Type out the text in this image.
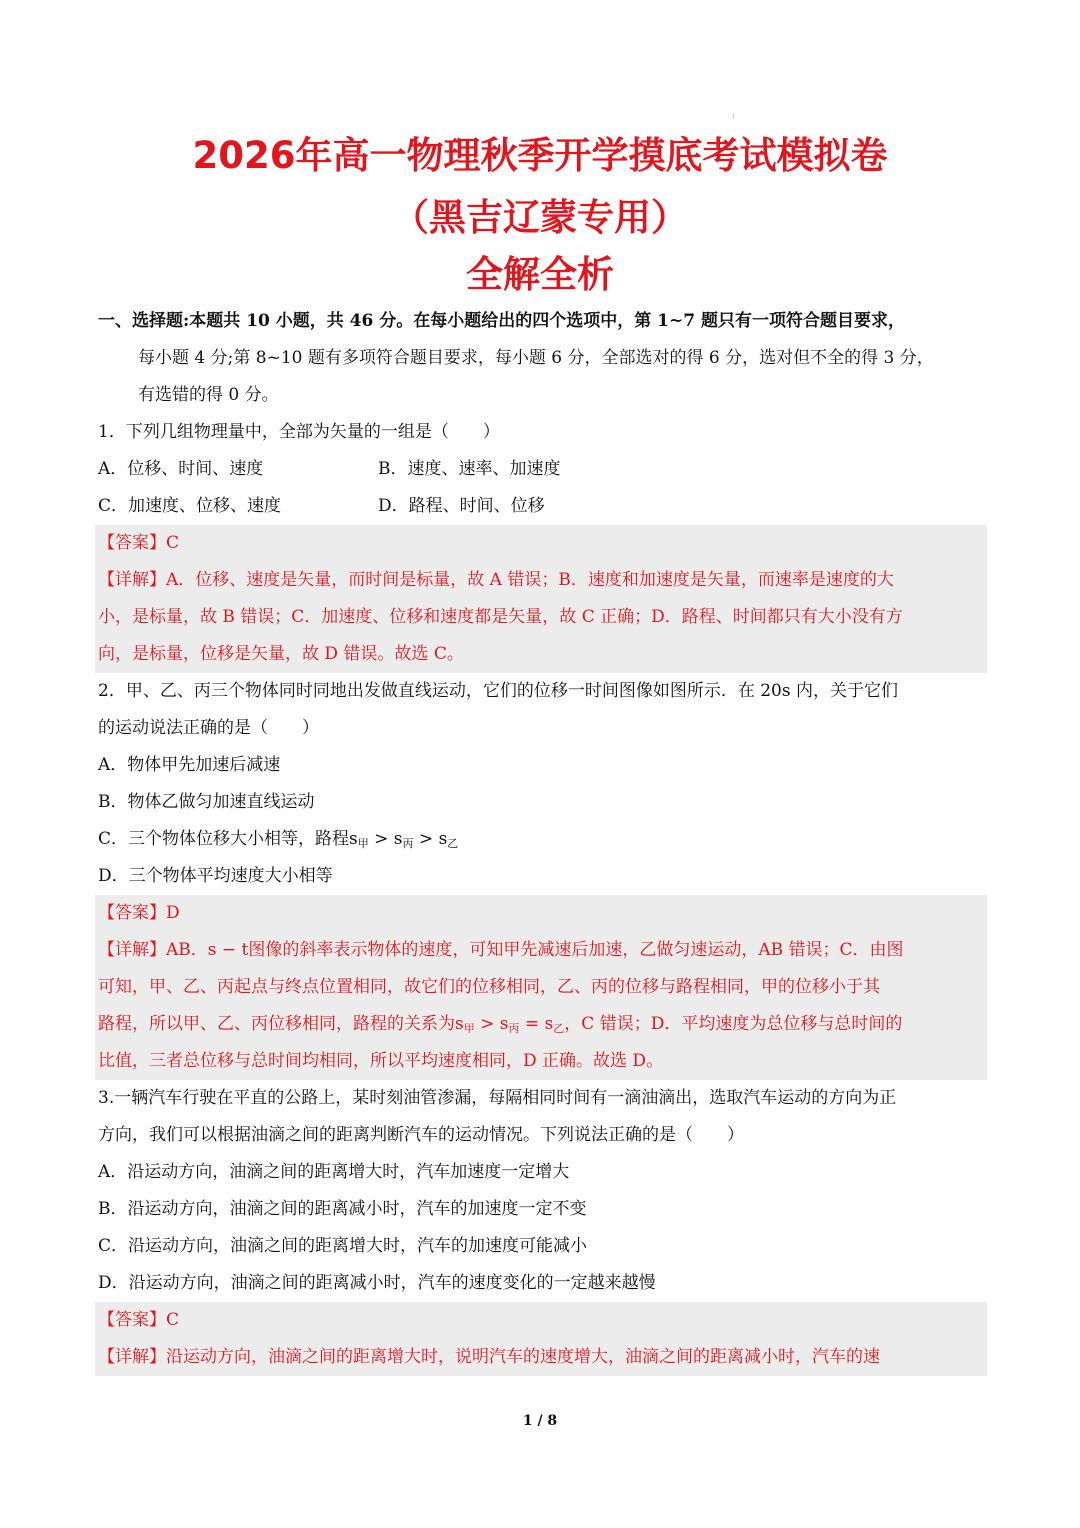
⁝
2026年高一物理秋季开学摸底考试模拟卷
（黑吉辽蒙专用）
全解全析
一、选择题:本题共 10 小题，共 46 分。在每小题给出的四个选项中，第 1~7 题只有一项符合题目要求，
每小题 4 分;第 8~10 题有多项符合题目要求，每小题 6 分，全部选对的得 6 分，选对但不全的得 3 分，
有选错的得 0 分。
1．下列几组物理量中，全部为矢量的一组是（　　）
A．位移、时间、速度	B．速度、速率、加速度
C．加速度、位移、速度	D．路程、时间、位移
【答案】C
【详解】A．位移、速度是矢量，而时间是标量，故 A 错误；B．速度和加速度是矢量，而速率是速度的大
小，是标量，故 B 错误；C．加速度、位移和速度都是矢量，故 C 正确；D．路程、时间都只有大小没有方
向，是标量，位移是矢量，故 D 错误。故选 C。
2．甲、乙、丙三个物体同时同地出发做直线运动，它们的位移一时间图像如图所示．在 20s 内，关于它们
的运动说法正确的是（　　）
A．物体甲先加速后减速
B．物体乙做匀加速直线运动
C．三个物体位移大小相等，路程$s_甲 > s_丙 > s_乙$
D．三个物体平均速度大小相等
【答案】D
【详解】AB．s − t图像的斜率表示物体的速度，可知甲先减速后加速，乙做匀速运动，AB 错误；C．由图
可知，甲、乙、丙起点与终点位置相同，故它们的位移相同，乙、丙的位移与路程相同，甲的位移小于其
路程，所以甲、乙、丙位移相同，路程的关系为$s_甲 > s_丙 = s_乙$，C 错误；D．平均速度为总位移与总时间的
比值，三者总位移与总时间均相同，所以平均速度相同，D 正确。故选 D。
3.一辆汽车行驶在平直的公路上，某时刻油管渗漏，每隔相同时间有一滴油滴出，选取汽车运动的方向为正
方向，我们可以根据油滴之间的距离判断汽车的运动情况。下列说法正确的是（　　）
A．沿运动方向，油滴之间的距离增大时，汽车加速度一定增大
B．沿运动方向，油滴之间的距离减小时，汽车的加速度一定不变
C．沿运动方向，油滴之间的距离增大时，汽车的加速度可能减小
D．沿运动方向，油滴之间的距离减小时，汽车的速度变化的一定越来越慢
【答案】C
【详解】沿运动方向，油滴之间的距离增大时，说明汽车的速度增大，油滴之间的距离减小时，汽车的速
1 / 8
